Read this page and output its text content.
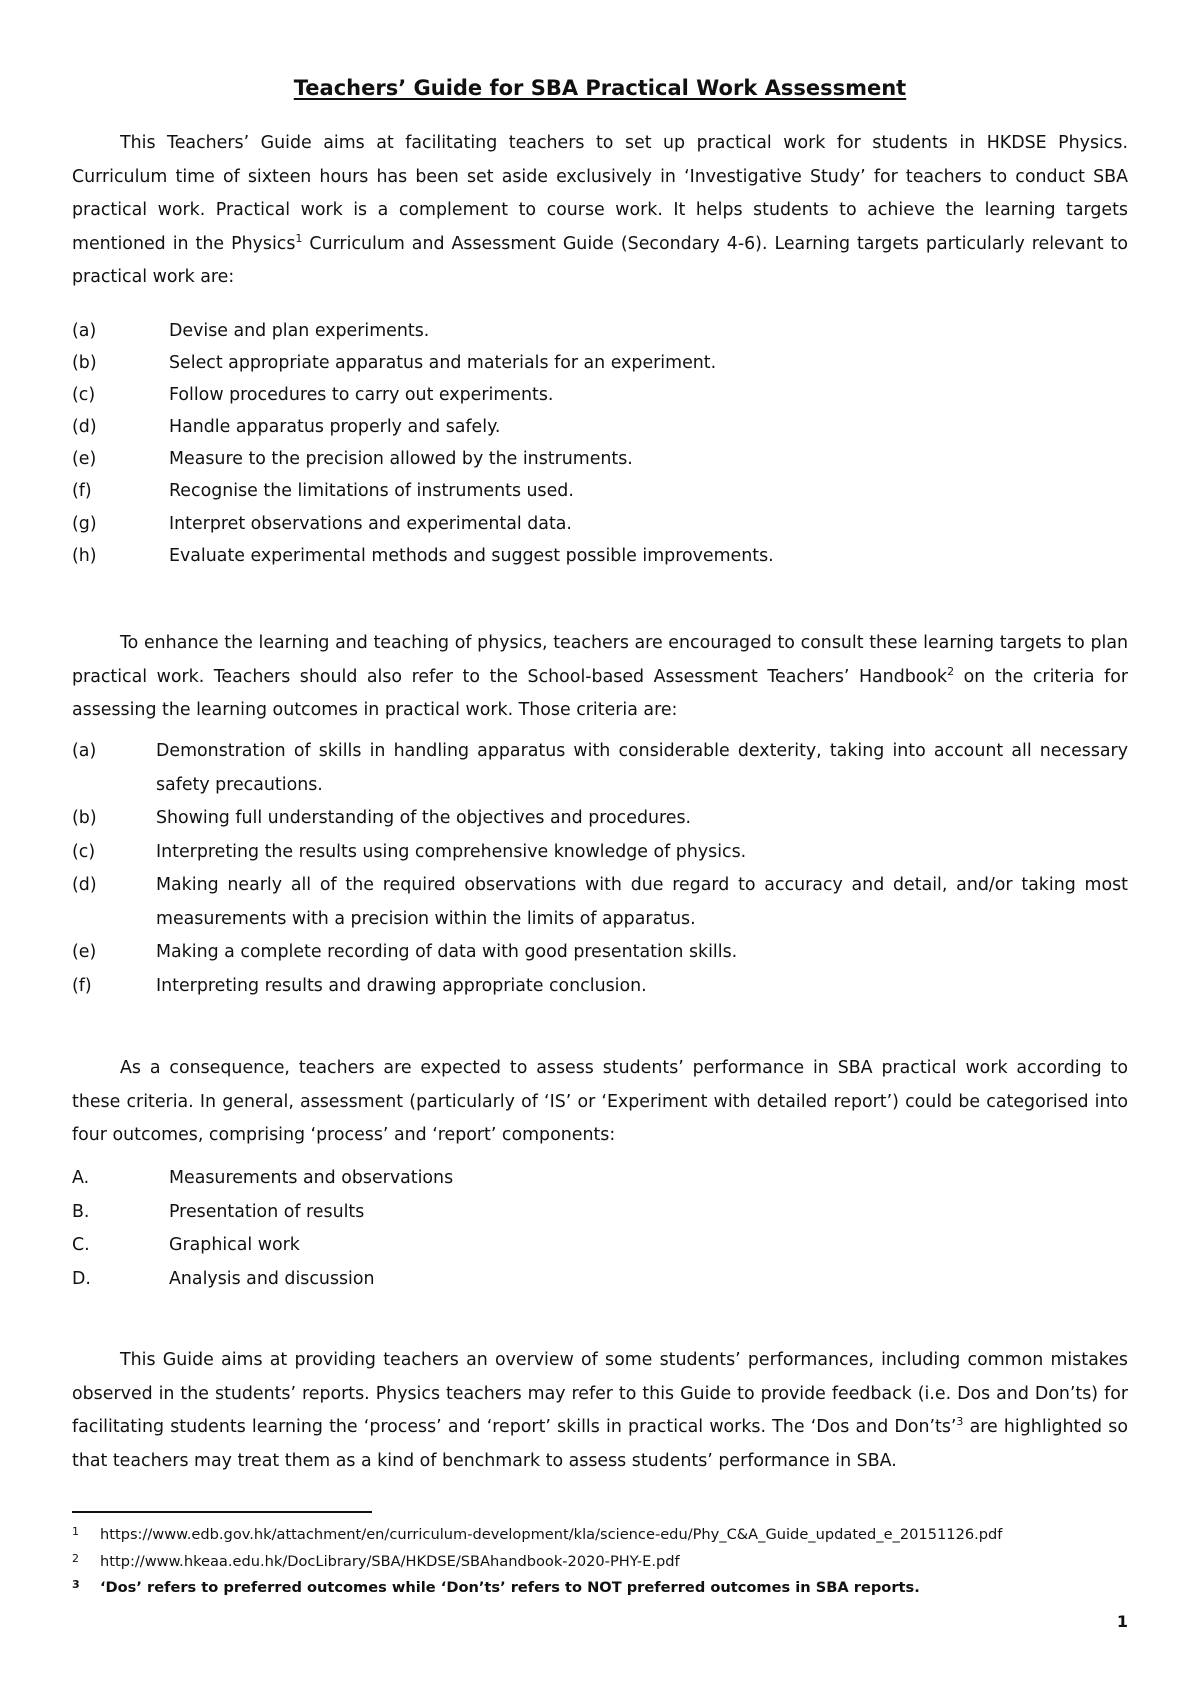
Teachers’ Guide for SBA Practical Work Assessment

This Teachers’ Guide aims at facilitating teachers to set up practical work for students in HKDSE Physics. Curriculum time of sixteen hours has been set aside exclusively in ‘Investigative Study’ for teachers to conduct SBA practical work. Practical work is a complement to course work. It helps students to achieve the learning targets mentioned in the Physics$^1$ Curriculum and Assessment Guide (Secondary 4-6). Learning targets particularly relevant to practical work are:

(a)	Devise and plan experiments.
(b)	Select appropriate apparatus and materials for an experiment.
(c)	Follow procedures to carry out experiments.
(d)	Handle apparatus properly and safely.
(e)	Measure to the precision allowed by the instruments.
(f)	Recognise the limitations of instruments used.
(g)	Interpret observations and experimental data.
(h)	Evaluate experimental methods and suggest possible improvements.

To enhance the learning and teaching of physics, teachers are encouraged to consult these learning targets to plan practical work. Teachers should also refer to the School-based Assessment Teachers’ Handbook$^2$ on the criteria for assessing the learning outcomes in practical work. Those criteria are:

(a)	Demonstration of skills in handling apparatus with considerable dexterity, taking into account all necessary safety precautions.
(b)	Showing full understanding of the objectives and procedures.
(c)	Interpreting the results using comprehensive knowledge of physics.
(d)	Making nearly all of the required observations with due regard to accuracy and detail, and/or taking most measurements with a precision within the limits of apparatus.
(e)	Making a complete recording of data with good presentation skills.
(f)	Interpreting results and drawing appropriate conclusion.

As a consequence, teachers are expected to assess students’ performance in SBA practical work according to these criteria. In general, assessment (particularly of ‘IS’ or ‘Experiment with detailed report’) could be categorised into four outcomes, comprising ‘process’ and ‘report’ components:

A.	Measurements and observations
B.	Presentation of results
C.	Graphical work
D.	Analysis and discussion

This Guide aims at providing teachers an overview of some students’ performances, including common mistakes observed in the students’ reports. Physics teachers may refer to this Guide to provide feedback (i.e. Dos and Don’ts) for facilitating students learning the ‘process’ and ‘report’ skills in practical works. The ‘Dos and Don’ts’$^3$ are highlighted so that teachers may treat them as a kind of benchmark to assess students’ performance in SBA.

1 https://www.edb.gov.hk/attachment/en/curriculum-development/kla/science-edu/Phy_C&A_Guide_updated_e_20151126.pdf
2 http://www.hkeaa.edu.hk/DocLibrary/SBA/HKDSE/SBAhandbook-2020-PHY-E.pdf
3 ‘Dos’ refers to preferred outcomes while ‘Don’ts’ refers to NOT preferred outcomes in SBA reports.
1
